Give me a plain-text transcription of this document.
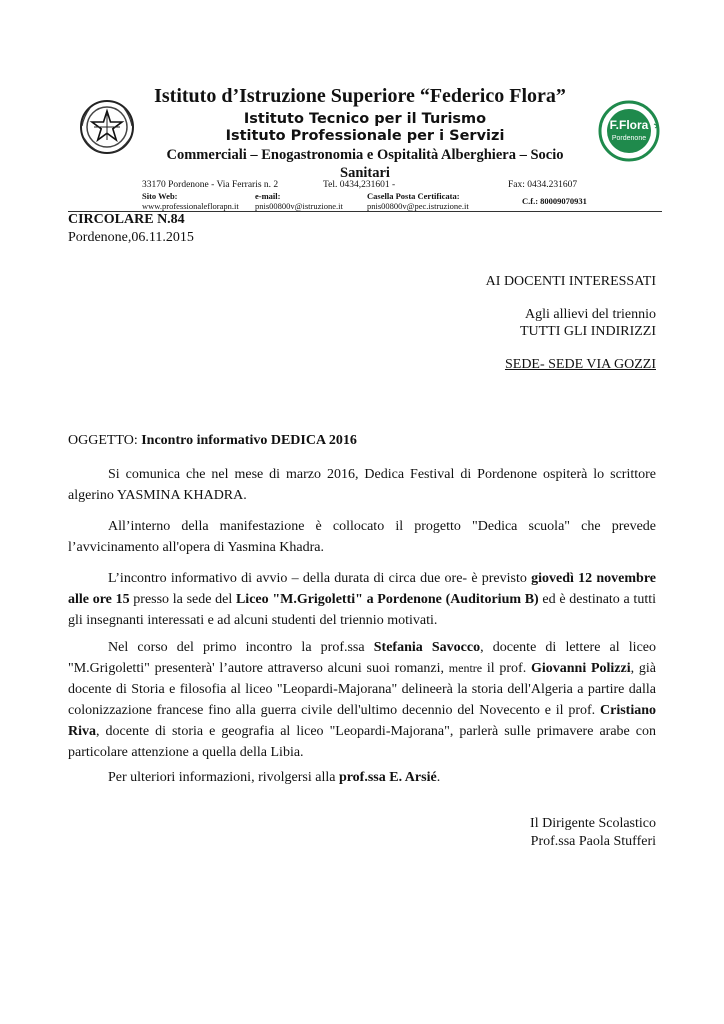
F.Flora
Pordenone
Istituto d’Istruzione Superiore “Federico Flora”
Istituto Tecnico per il Turismo
Istituto Professionale per i Servizi
Commerciali – Enogastronomia e Ospitalità Alberghiera – Socio Sanitari
33170 Pordenone - Via Ferraris n. 2	Tel. 0434,231601 -	Fax: 0434.231607
Sito Web:
www.professionaleflorapn.it
e-mail:
pnis00800v@istruzione.it
Casella Posta Certificata:
pnis00800v@pec.istruzione.it	C.f.: 80009070931
CIRCOLARE N.84
Pordenone,06.11.2015
AI DOCENTI INTERESSATI
Agli allievi del triennio
TUTTI GLI INDIRIZZI
SEDE- SEDE VIA GOZZI
OGGETTO: Incontro informativo DEDICA 2016
Si comunica che nel mese di marzo 2016, Dedica Festival di Pordenone ospiterà lo scrittore algerino YASMINA KHADRA.
All’interno della manifestazione è collocato il progetto "Dedica scuola" che prevede l’avvicinamento all'opera di Yasmina Khadra.
L’incontro informativo di avvio – della durata di circa due ore- è previsto giovedì 12 novembre alle ore 15 presso la sede del Liceo "M.Grigoletti" a Pordenone (Auditorium B) ed è destinato a tutti gli insegnanti interessati e ad alcuni studenti del triennio motivati.
Nel corso del primo incontro la prof.ssa Stefania Savocco, docente di lettere al liceo "M.Grigoletti" presenterà' l’autore attraverso alcuni suoi romanzi, mentre il prof. Giovanni Polizzi, già docente di Storia e filosofia al liceo "Leopardi-Majorana" delineerà la storia dell'Algeria a partire dalla colonizzazione francese fino alla guerra civile dell'ultimo decennio del Novecento e il prof. Cristiano Riva, docente di storia e geografia al liceo "Leopardi-Majorana", parlerà sulle primavere arabe con particolare attenzione a quella della Libia.
Per ulteriori informazioni, rivolgersi alla prof.ssa E. Arsié.
Il Dirigente Scolastico
Prof.ssa Paola Stufferi
